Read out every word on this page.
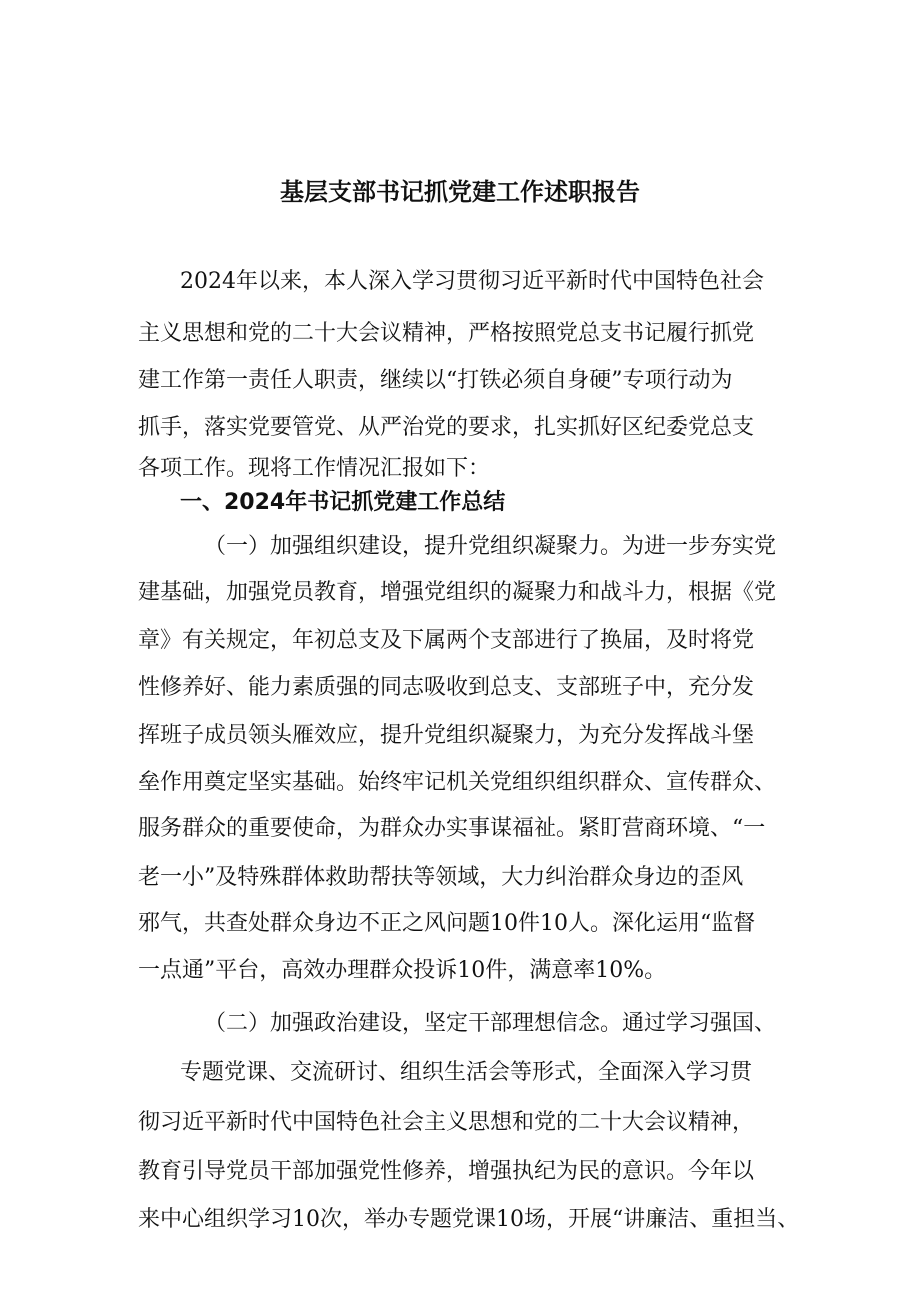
基层支部书记抓党建工作述职报告
2024年以来，本人深入学习贯彻习近平新时代中国特色社会
主义思想和党的二十大会议精神，严格按照党总支书记履行抓党
建工作第一责任人职责，继续以“打铁必须自身硬”专项行动为
抓手，落实党要管党、从严治党的要求，扎实抓好区纪委党总支
各项工作。现将工作情况汇报如下：
一、2024年书记抓党建工作总结
（一）加强组织建设，提升党组织凝聚力。为进一步夯实党
建基础，加强党员教育，增强党组织的凝聚力和战斗力，根据《党
章》有关规定，年初总支及下属两个支部进行了换届，及时将党
性修养好、能力素质强的同志吸收到总支、支部班子中，充分发
挥班子成员领头雁效应，提升党组织凝聚力，为充分发挥战斗堡
垒作用奠定坚实基础。始终牢记机关党组织组织群众、宣传群众、
服务群众的重要使命，为群众办实事谋福祉。紧盯营商环境、“一
老一小”及特殊群体救助帮扶等领域，大力纠治群众身边的歪风
邪气，共查处群众身边不正之风问题10件10人。深化运用“监督
一点通”平台，高效办理群众投诉10件，满意率10%。
（二）加强政治建设，坚定干部理想信念。通过学习强国、
专题党课、交流研讨、组织生活会等形式，全面深入学习贯
彻习近平新时代中国特色社会主义思想和党的二十大会议精神，
教育引导党员干部加强党性修养，增强执纪为民的意识。今年以
来中心组织学习10次，举办专题党课10场，开展“讲廉洁、重担当、
